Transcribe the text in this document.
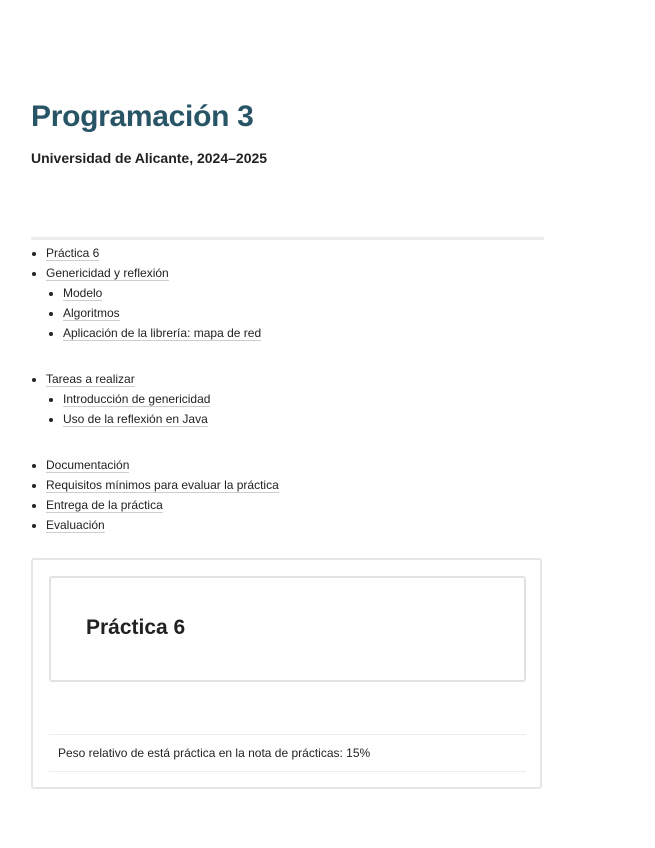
Programación 3

Universidad de Alicante, 2024–2025

• Práctica 6
• Genericidad y reflexión
• Modelo
• Algoritmos
• Aplicación de la librería: mapa de red
• Tareas a realizar
• Introducción de genericidad
• Uso de la reflexión en Java
• Documentación
• Requisitos mínimos para evaluar la práctica
• Entrega de la práctica
• Evaluación
Práctica 6
Peso relativo de está práctica en la nota de prácticas: 15%
